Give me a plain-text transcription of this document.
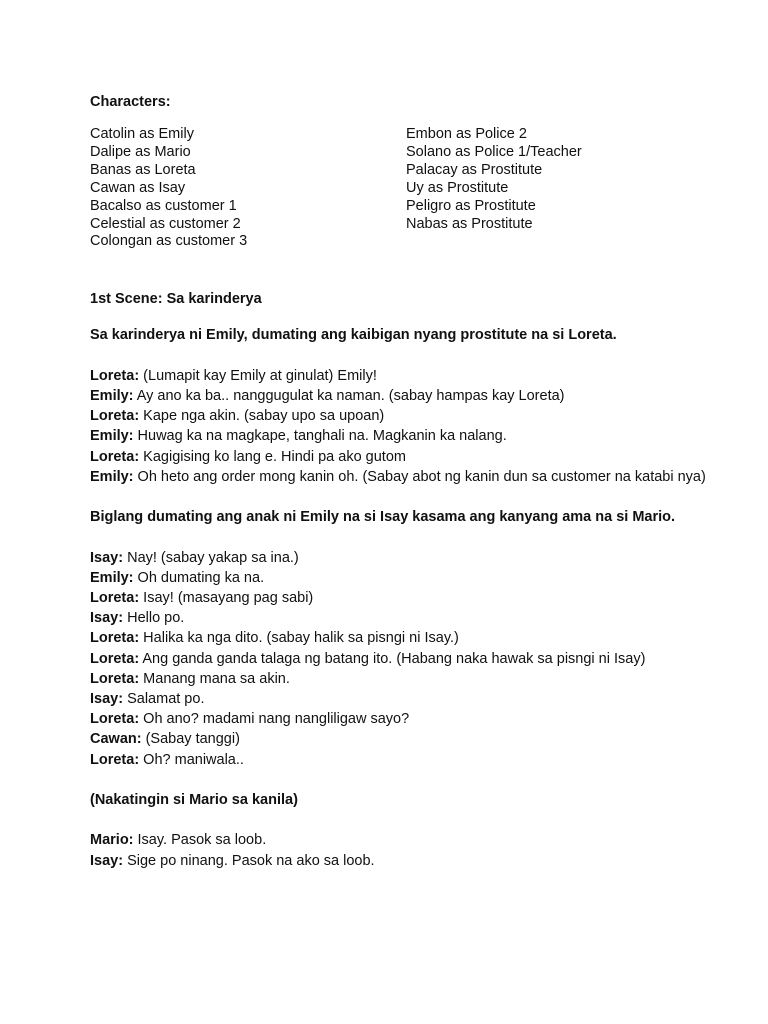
Characters:

Catolin as Emily
Dalipe as Mario
Banas as Loreta
Cawan as Isay
Bacalso as customer 1
Celestial as customer 2
Colongan as customer 3
Embon as Police 2
Solano as Police 1/Teacher
Palacay as Prostitute
Uy as Prostitute
Peligro as Prostitute
Nabas as Prostitute

1st Scene: Sa karinderya

Sa karinderya ni Emily, dumating ang kaibigan nyang prostitute na si Loreta.

Loreta: (Lumapit kay Emily at ginulat) Emily!

Emily: Ay ano ka ba.. nanggugulat ka naman. (sabay hampas kay Loreta)

Loreta: Kape nga akin. (sabay upo sa upoan)

Emily: Huwag ka na magkape, tanghali na. Magkanin ka nalang.

Loreta: Kagigising ko lang e. Hindi pa ako gutom

Emily: Oh heto ang order mong kanin oh. (Sabay abot ng kanin dun sa customer na katabi nya)

Biglang dumating ang anak ni Emily na si Isay kasama ang kanyang ama na si Mario.

Isay: Nay! (sabay yakap sa ina.)

Emily: Oh dumating ka na.

Loreta: Isay! (masayang pag sabi)

Isay: Hello po.

Loreta: Halika ka nga dito. (sabay halik sa pisngi ni Isay.)

Loreta: Ang ganda ganda talaga ng batang ito. (Habang naka hawak sa pisngi ni Isay)

Loreta: Manang mana sa akin.

Isay: Salamat po.

Loreta: Oh ano? madami nang nangliligaw sayo?

Cawan: (Sabay tanggi)

Loreta: Oh? maniwala..

(Nakatingin si Mario sa kanila)

Mario: Isay. Pasok sa loob.

Isay: Sige po ninang. Pasok na ako sa loob.
